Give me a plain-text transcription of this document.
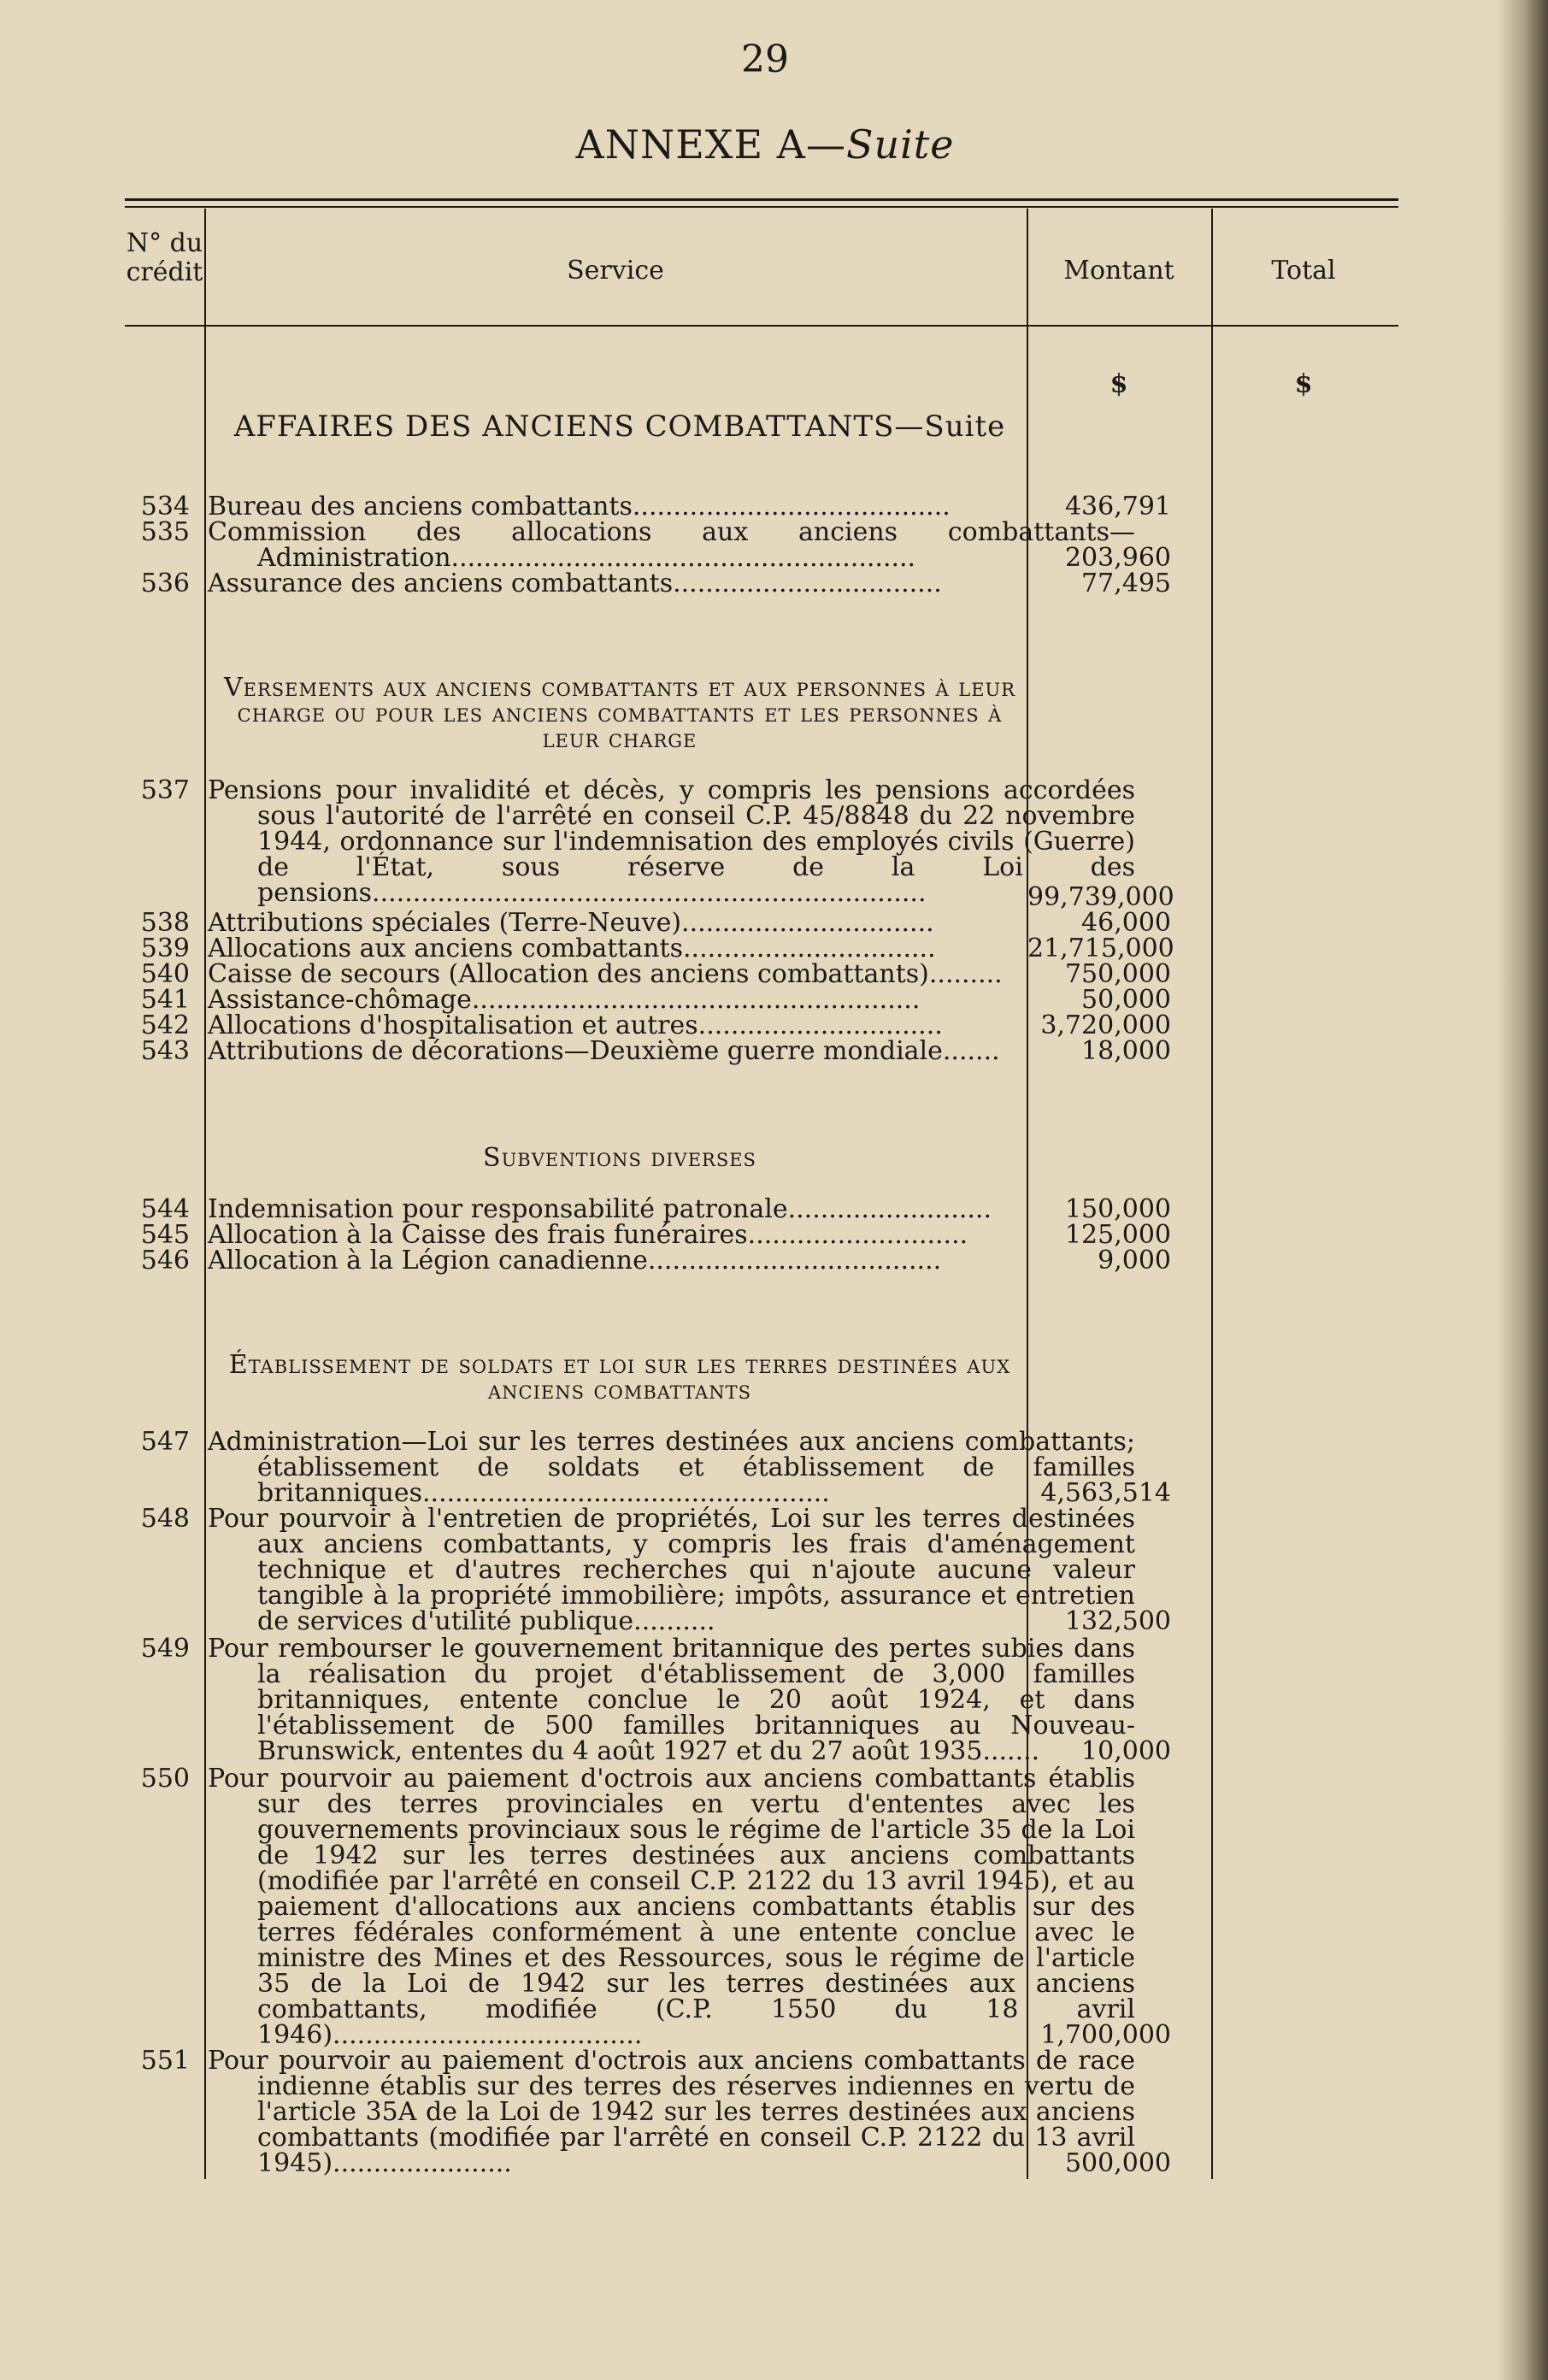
29
ANNEXE A—Suite
N° du crédit	Service	Montant	Total
$	$
AFFAIRES DES ANCIENS COMBATTANTS—Suite
534 Bureau des anciens combattants.......................................	436,791
535 Commission des allocations aux anciens combattants—Administration.........................................................	203,960
536 Assurance des anciens combattants.................................	77,495
Versements aux anciens combattants et aux personnes à leur charge ou pour les anciens combattants et les personnes à leur charge
537 Pensions pour invalidité et décès, y compris les pensions accordées sous l'autorité de l'arrêté en conseil C.P. 45/8848 du 22 novembre 1944, ordonnance sur l'indemnisation des employés civils (Guerre) de l'État, sous réserve de la Loi des pensions....................................................................	99,739,000
538 Attributions spéciales (Terre-Neuve)...............................	46,000
539 Allocations aux anciens combattants...............................	21,715,000
540 Caisse de secours (Allocation des anciens combattants).........	750,000
541 Assistance-chômage.......................................................	50,000
542 Allocations d'hospitalisation et autres..............................	3,720,000
543 Attributions de décorations—Deuxième guerre mondiale.......	18,000
Subventions diverses
544 Indemnisation pour responsabilité patronale.........................	150,000
545 Allocation à la Caisse des frais funéraires...........................	125,000
546 Allocation à la Légion canadienne....................................	9,000
Établissement de soldats et loi sur les terres destinées aux anciens combattants
547 Administration—Loi sur les terres destinées aux anciens combattants; établissement de soldats et établissement de familles britanniques..................................................	4,563,514
548 Pour pourvoir à l'entretien de propriétés, Loi sur les terres destinées aux anciens combattants, y compris les frais d'aménagement technique et d'autres recherches qui n'ajoute aucune valeur tangible à la propriété immobilière; impôts, assurance et entretien de services d'utilité publique..........	132,500
549 Pour rembourser le gouvernement britannique des pertes subies dans la réalisation du projet d'établissement de 3,000 familles britanniques, entente conclue le 20 août 1924, et dans l'établissement de 500 familles britanniques au Nouveau-Brunswick, ententes du 4 août 1927 et du 27 août 1935.......	10,000
550 Pour pourvoir au paiement d'octrois aux anciens combattants établis sur des terres provinciales en vertu d'ententes avec les gouvernements provinciaux sous le régime de l'article 35 de la Loi de 1942 sur les terres destinées aux anciens combattants (modifiée par l'arrêté en conseil C.P. 2122 du 13 avril 1945), et au paiement d'allocations aux anciens combattants établis sur des terres fédérales conformément à une entente conclue avec le ministre des Mines et des Ressources, sous le régime de l'article 35 de la Loi de 1942 sur les terres destinées aux anciens combattants, modifiée (C.P. 1550 du 18 avril 1946)......................................	1,700,000
551 Pour pourvoir au paiement d'octrois aux anciens combattants de race indienne établis sur des terres des réserves indiennes en vertu de l'article 35A de la Loi de 1942 sur les terres destinées aux anciens combattants (modifiée par l'arrêté en conseil C.P. 2122 du 13 avril 1945)......................	500,000
